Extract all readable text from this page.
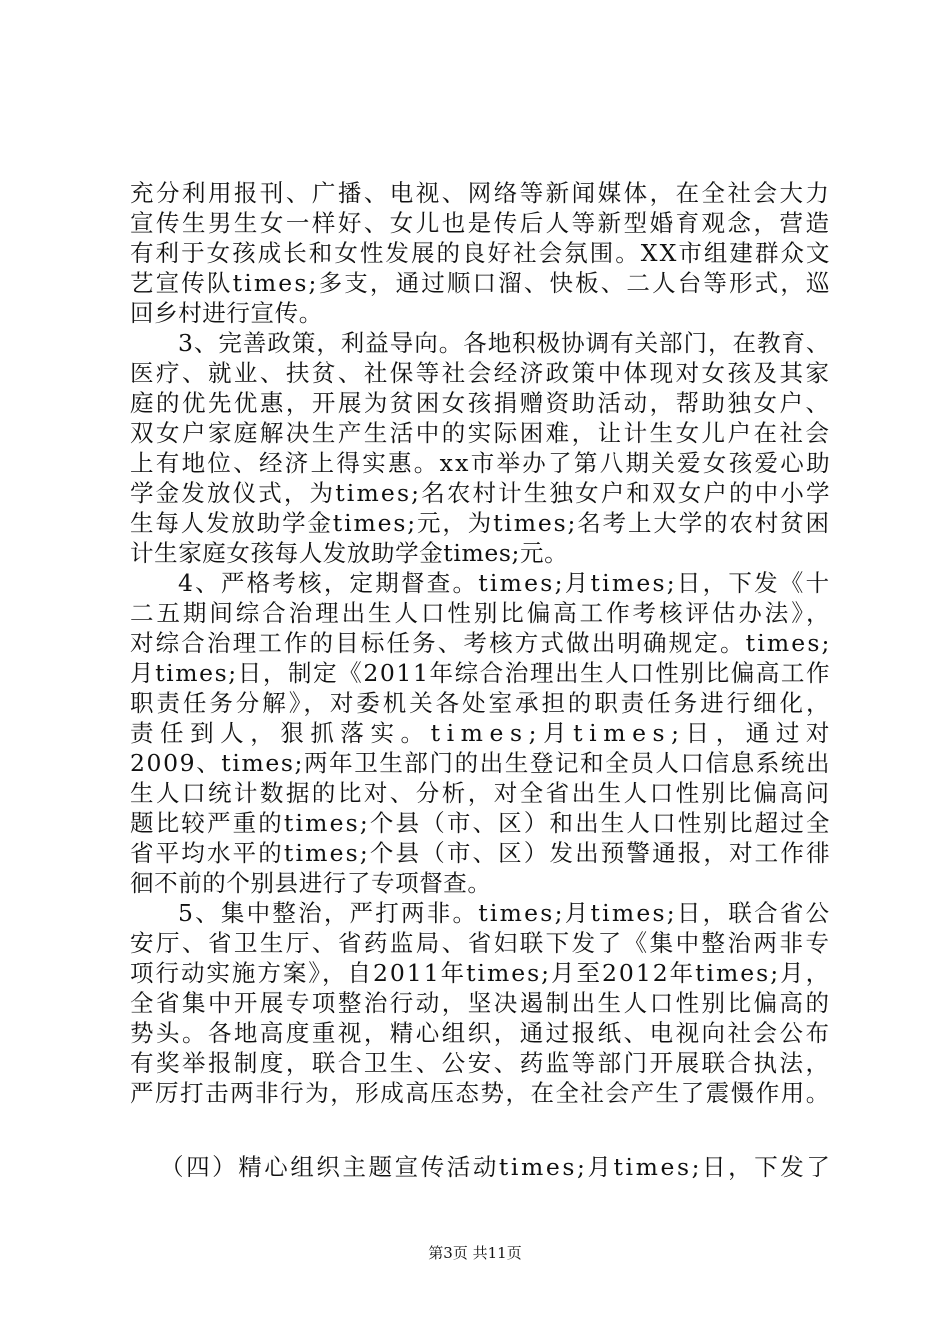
充分利用报刊、广播、电视、网络等新闻媒体，在全社会大力
宣传生男生女一样好、女儿也是传后人等新型婚育观念，营造
有利于女孩成长和女性发展的良好社会氛围。XX市组建群众文
艺宣传队times;多支，通过顺口溜、快板、二人台等形式，巡
回乡村进行宣传。
3、完善政策，利益导向。各地积极协调有关部门，在教育、
医疗、就业、扶贫、社保等社会经济政策中体现对女孩及其家
庭的优先优惠，开展为贫困女孩捐赠资助活动，帮助独女户、
双女户家庭解决生产生活中的实际困难，让计生女儿户在社会
上有地位、经济上得实惠。xx市举办了第八期关爱女孩爱心助
学金发放仪式，为times;名农村计生独女户和双女户的中小学
生每人发放助学金times;元，为times;名考上大学的农村贫困
计生家庭女孩每人发放助学金times;元。
4、严格考核，定期督查。times;月times;日，下发《十
二五期间综合治理出生人口性别比偏高工作考核评估办法》，
对综合治理工作的目标任务、考核方式做出明确规定。times;
月times;日，制定《2011年综合治理出生人口性别比偏高工作
职责任务分解》，对委机关各处室承担的职责任务进行细化，
责任到人，狠抓落实。times;月times;日，通过对
2009、times;两年卫生部门的出生登记和全员人口信息系统出
生人口统计数据的比对、分析，对全省出生人口性别比偏高问
题比较严重的times;个县（市、区）和出生人口性别比超过全
省平均水平的times;个县（市、区）发出预警通报，对工作徘
徊不前的个别县进行了专项督查。
5、集中整治，严打两非。times;月times;日，联合省公
安厅、省卫生厅、省药监局、省妇联下发了《集中整治两非专
项行动实施方案》，自2011年times;月至2012年times;月，
全省集中开展专项整治行动，坚决遏制出生人口性别比偏高的
势头。各地高度重视，精心组织，通过报纸、电视向社会公布
有奖举报制度，联合卫生、公安、药监等部门开展联合执法，
严厉打击两非行为，形成高压态势，在全社会产生了震慑作用。
（四）精心组织主题宣传活动times;月times;日，下发了
第3页 共11页
